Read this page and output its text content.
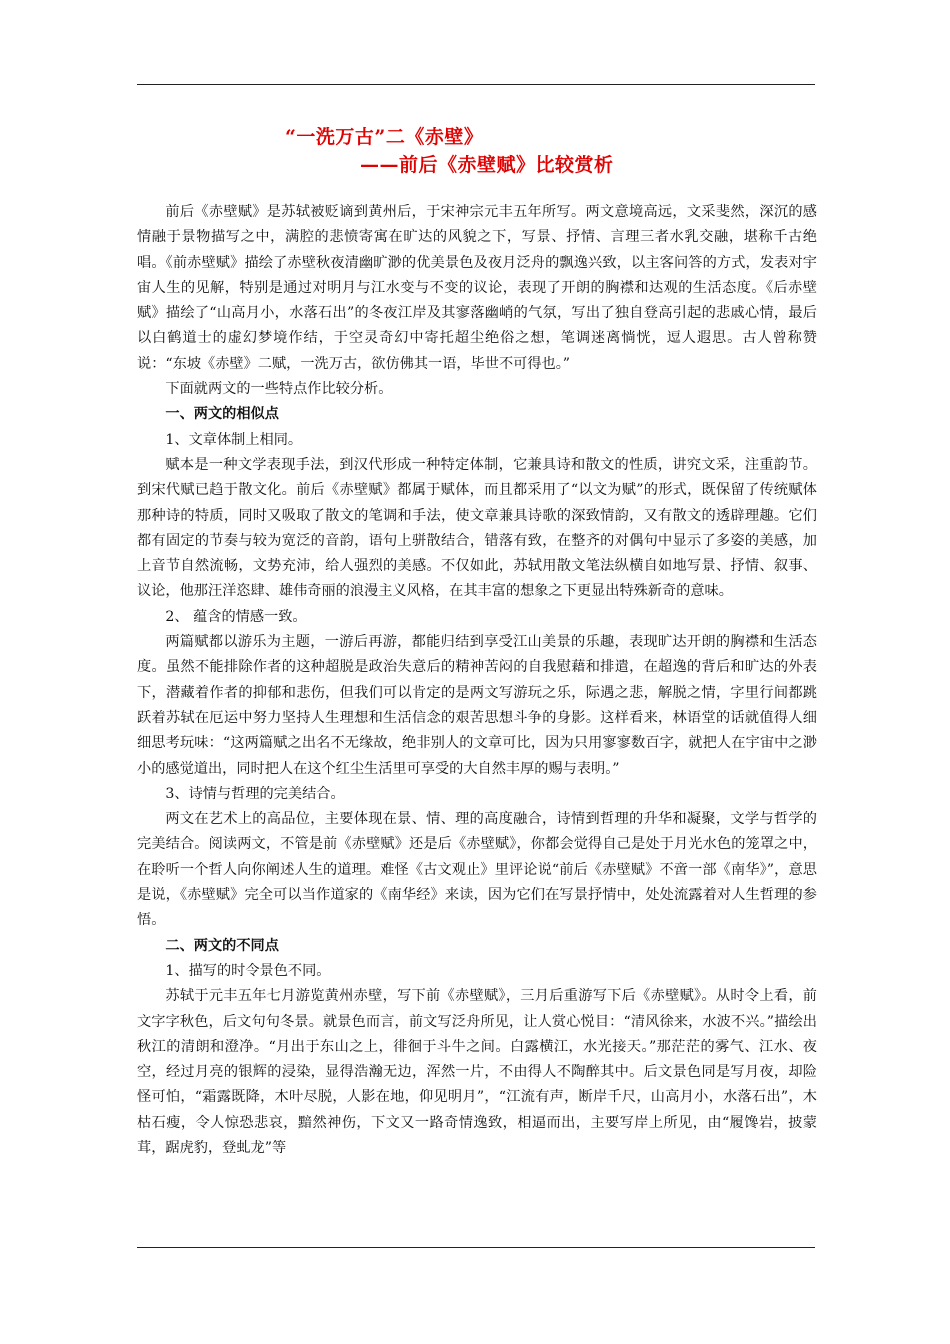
“一洗万古”二《赤壁》
——前后《赤壁赋》比较赏析

前后《赤壁赋》是苏轼被贬谪到黄州后，于宋神宗元丰五年所写。两文意境高远，文采斐然，深沉的感情融于景物描写之中，满腔的悲愤寄寓在旷达的风貌之下，写景、抒情、言理三者水乳交融，堪称千古绝唱。《前赤壁赋》描绘了赤壁秋夜清幽旷渺的优美景色及夜月泛舟的飘逸兴致，以主客问答的方式，发表对宇宙人生的见解，特别是通过对明月与江水变与不变的议论，表现了开朗的胸襟和达观的生活态度。《后赤壁赋》描绘了“山高月小，水落石出”的冬夜江岸及其寥落幽峭的气氛，写出了独自登高引起的悲戚心情，最后以白鹤道士的虚幻梦境作结，于空灵奇幻中寄托超尘绝俗之想，笔调迷离惝恍，逗人遐思。古人曾称赞说：“东坡《赤壁》二赋，一洗万古，欲仿佛其一语，毕世不可得也。”

下面就两文的一些特点作比较分析。

一、两文的相似点

1、文章体制上相同。

赋本是一种文学表现手法，到汉代形成一种特定体制，它兼具诗和散文的性质，讲究文采，注重韵节。到宋代赋已趋于散文化。前后《赤壁赋》都属于赋体，而且都采用了“以文为赋”的形式，既保留了传统赋体那种诗的特质，同时又吸取了散文的笔调和手法，使文章兼具诗歌的深致情韵，又有散文的透辟理趣。它们都有固定的节奏与较为宽泛的音韵，语句上骈散结合，错落有致，在整齐的对偶句中显示了多姿的美感，加上音节自然流畅，文势充沛，给人强烈的美感。不仅如此，苏轼用散文笔法纵横自如地写景、抒情、叙事、议论，他那汪洋恣肆、雄伟奇丽的浪漫主义风格，在其丰富的想象之下更显出特殊新奇的意味。

2、 蕴含的情感一致。

两篇赋都以游乐为主题，一游后再游，都能归结到享受江山美景的乐趣，表现旷达开朗的胸襟和生活态度。虽然不能排除作者的这种超脱是政治失意后的精神苦闷的自我慰藉和排遣，在超逸的背后和旷达的外表下，潜藏着作者的抑郁和悲伤，但我们可以肯定的是两文写游玩之乐，际遇之悲，解脱之情，字里行间都跳跃着苏轼在厄运中努力坚持人生理想和生活信念的艰苦思想斗争的身影。这样看来，林语堂的话就值得人细细思考玩味：“这两篇赋之出名不无缘故，绝非别人的文章可比，因为只用寥寥数百字，就把人在宇宙中之渺小的感觉道出，同时把人在这个红尘生活里可享受的大自然丰厚的赐与表明。”

3、诗情与哲理的完美结合。

两文在艺术上的高品位，主要体现在景、情、理的高度融合，诗情到哲理的升华和凝聚，文学与哲学的完美结合。阅读两文，不管是前《赤壁赋》还是后《赤壁赋》，你都会觉得自己是处于月光水色的笼罩之中，在聆听一个哲人向你阐述人生的道理。难怪《古文观止》里评论说“前后《赤壁赋》不啻一部《南华》”，意思是说，《赤壁赋》完全可以当作道家的《南华经》来读，因为它们在写景抒情中，处处流露着对人生哲理的参悟。

二、两文的不同点

1、描写的时令景色不同。

苏轼于元丰五年七月游览黄州赤壁，写下前《赤壁赋》，三月后重游写下后《赤壁赋》。从时令上看，前文字字秋色，后文句句冬景。就景色而言，前文写泛舟所见，让人赏心悦目：“清风徐来，水波不兴。”描绘出秋江的清朗和澄净。“月出于东山之上，徘徊于斗牛之间。白露横江，水光接天。”那茫茫的雾气、江水、夜空，经过月亮的银辉的浸染，显得浩瀚无边，浑然一片，不由得人不陶醉其中。后文景色同是写月夜，却险怪可怕，“霜露既降，木叶尽脱，人影在地，仰见明月”，“江流有声，断岸千尺，山高月小，水落石出”，木枯石瘦，令人惊恐悲哀，黯然神伤，下文又一路奇情逸致，相逼而出，主要写岸上所见，由“履馋岩，披蒙茸，踞虎豹，登虬龙”等
